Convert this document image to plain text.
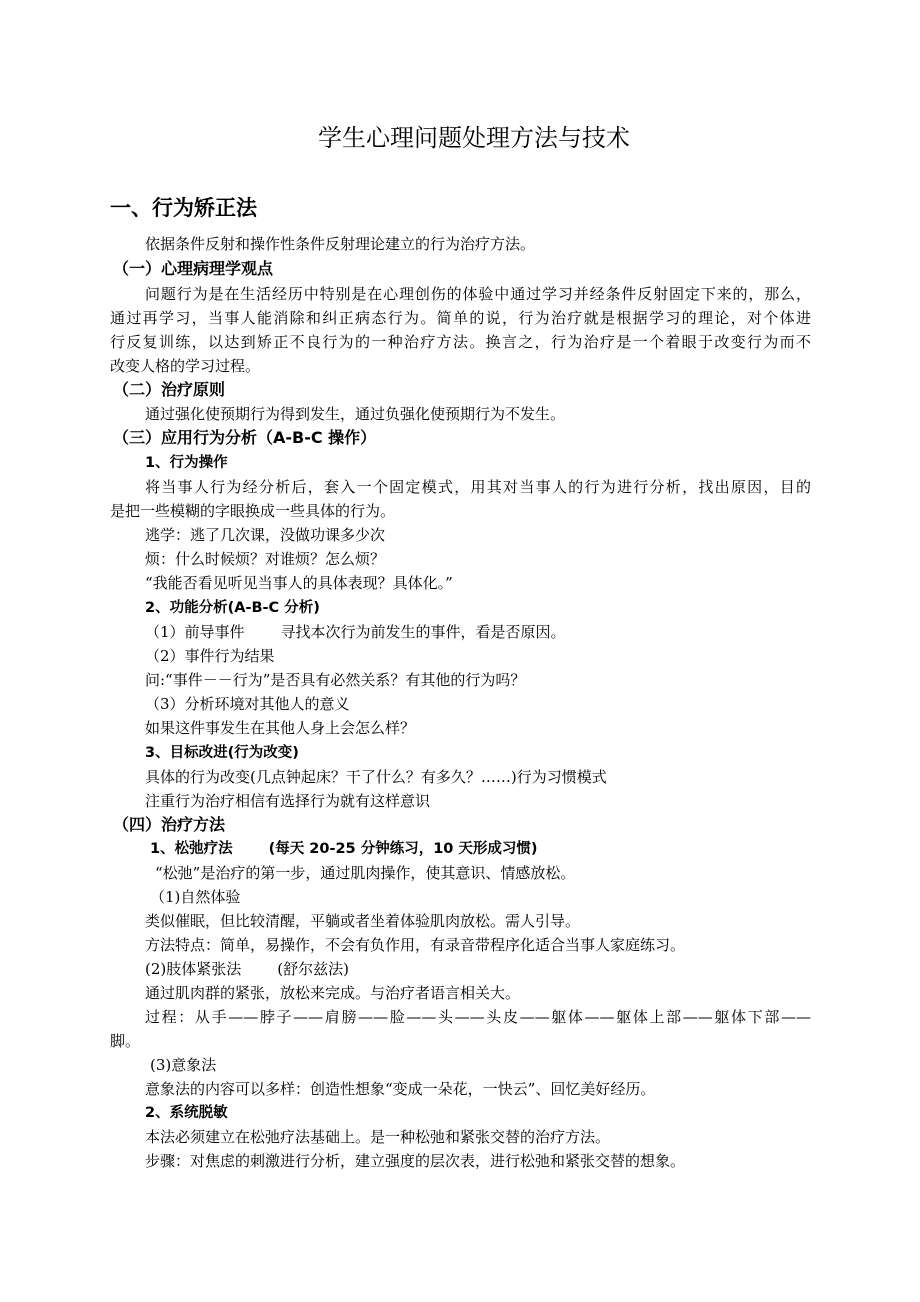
学生心理问题处理方法与技术
一、行为矫正法
依据条件反射和操作性条件反射理论建立的行为治疗方法。
（一）心理病理学观点
问题行为是在生活经历中特别是在心理创伤的体验中通过学习并经条件反射固定下来的，那么，
通过再学习，当事人能消除和纠正病态行为。简单的说，行为治疗就是根据学习的理论，对个体进
行反复训练，以达到矫正不良行为的一种治疗方法。换言之，行为治疗是一个着眼于改变行为而不
改变人格的学习过程。
（二）治疗原则
通过强化使预期行为得到发生，通过负强化使预期行为不发生。
（三）应用行为分析（A-B-C 操作）
1、行为操作
将当事人行为经分析后，套入一个固定模式，用其对当事人的行为进行分析，找出原因，目的
是把一些模糊的字眼换成一些具体的行为。
逃学：逃了几次课，没做功课多少次
烦：什么时候烦？对谁烦？怎么烦？
“我能否看见听见当事人的具体表现？具体化。”
2、功能分析(A-B-C 分析)
（1）前导事件 寻找本次行为前发生的事件，看是否原因。
（2）事件行为结果
问:“事件－－行为”是否具有必然关系？有其他的行为吗？
（3）分析环境对其他人的意义
如果这件事发生在其他人身上会怎么样？
3、目标改进(行为改变)
具体的行为改变(几点钟起床？干了什么？有多久？……)行为习惯模式
注重行为治疗相信有选择行为就有这样意识
（四）治疗方法
1、松弛疗法 (每天 20-25 分钟练习，10 天形成习惯)
“松弛”是治疗的第一步，通过肌肉操作，使其意识、情感放松。
（1)自然体验
类似催眠，但比较清醒，平躺或者坐着体验肌肉放松。需人引导。
方法特点：简单，易操作，不会有负作用，有录音带程序化适合当事人家庭练习。
(2)肢体紧张法 (舒尔兹法)
通过肌肉群的紧张，放松来完成。与治疗者语言相关大。
过程：从手——脖子——肩膀——脸——头——头皮——躯体——躯体上部——躯体下部——
脚。
(3)意象法
意象法的内容可以多样：创造性想象“变成一朵花，一快云”、回忆美好经历。
2、系统脱敏
本法必须建立在松弛疗法基础上。是一种松弛和紧张交替的治疗方法。
步骤：对焦虑的刺激进行分析，建立强度的层次表，进行松弛和紧张交替的想象。
